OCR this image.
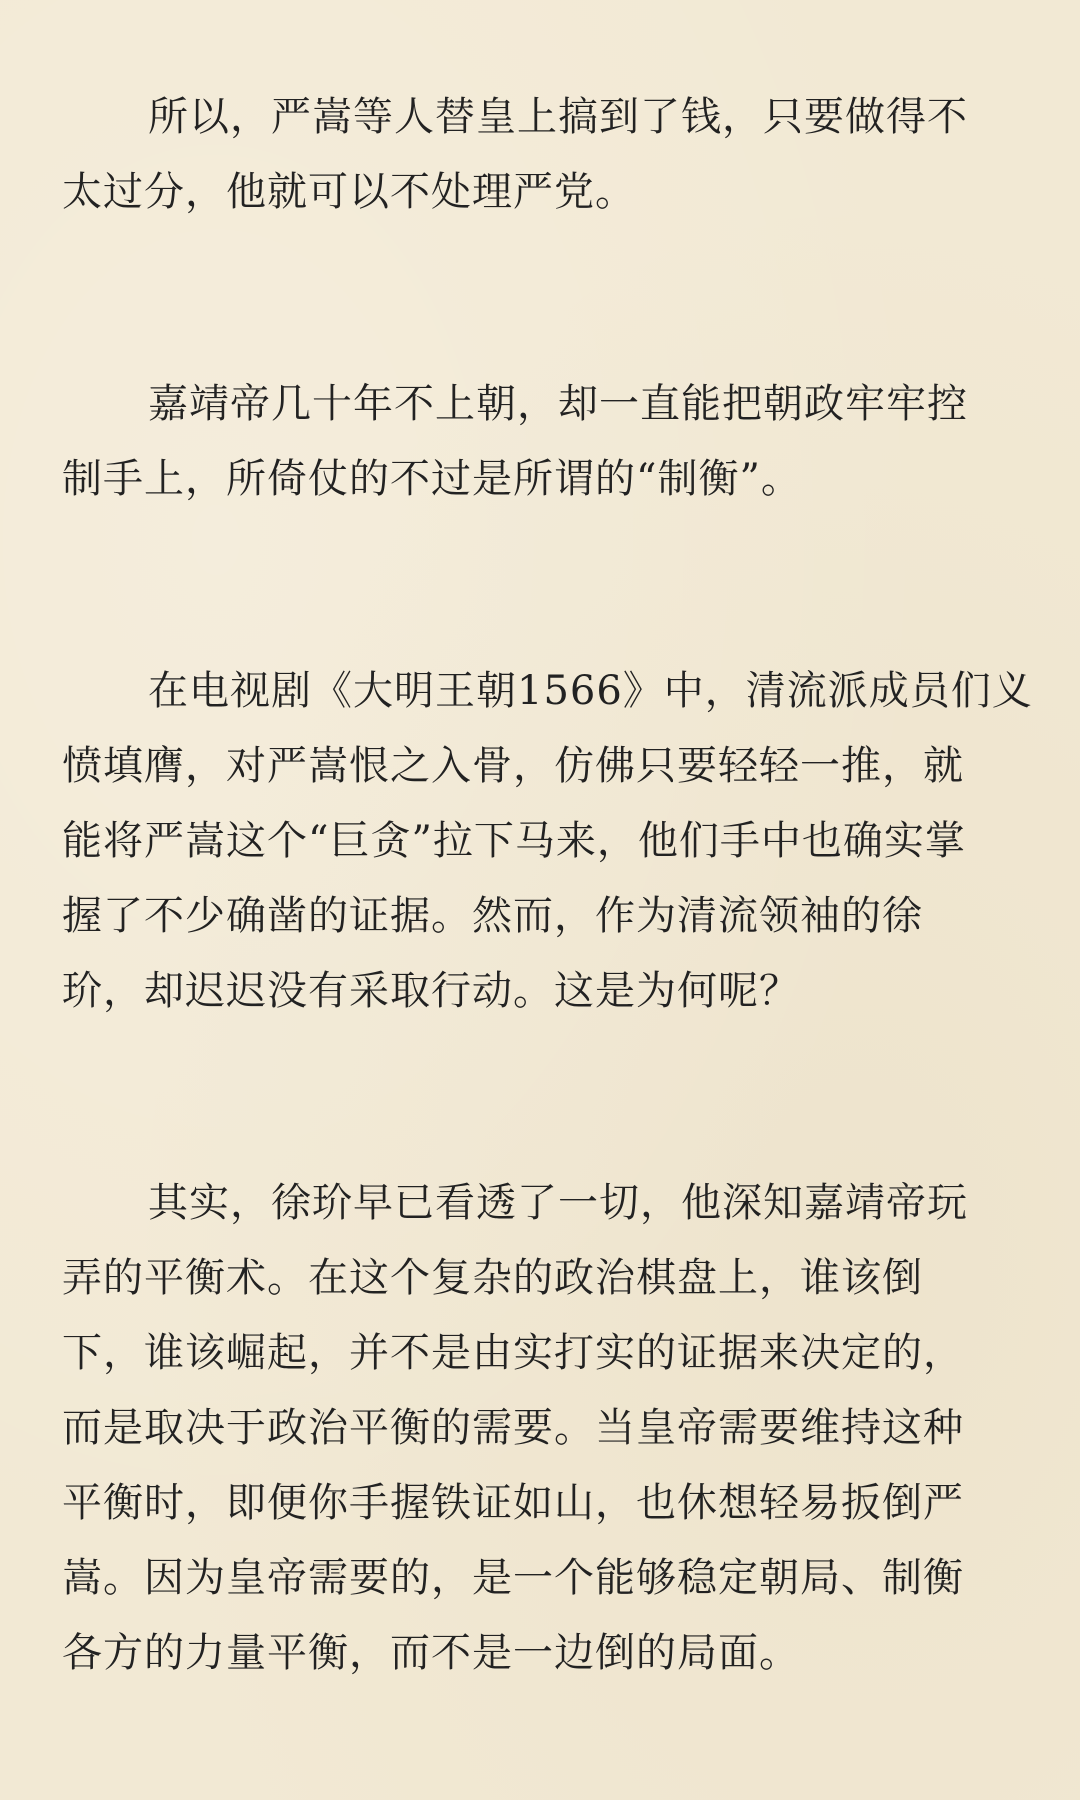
所以，严嵩等人替皇上搞到了钱，只要做得不
太过分，他就可以不处理严党。

嘉靖帝几十年不上朝，却一直能把朝政牢牢控
制手上，所倚仗的不过是所谓的“制衡”。

在电视剧《大明王朝1566》中，清流派成员们义
愤填膺，对严嵩恨之入骨，仿佛只要轻轻一推，就
能将严嵩这个“巨贪”拉下马来，他们手中也确实掌
握了不少确凿的证据。然而，作为清流领袖的徐
玠，却迟迟没有采取行动。这是为何呢？

其实，徐玠早已看透了一切，他深知嘉靖帝玩
弄的平衡术。在这个复杂的政治棋盘上，谁该倒
下，谁该崛起，并不是由实打实的证据来决定的，
而是取决于政治平衡的需要。当皇帝需要维持这种
平衡时，即便你手握铁证如山，也休想轻易扳倒严
嵩。因为皇帝需要的，是一个能够稳定朝局、制衡
各方的力量平衡，而不是一边倒的局面。
